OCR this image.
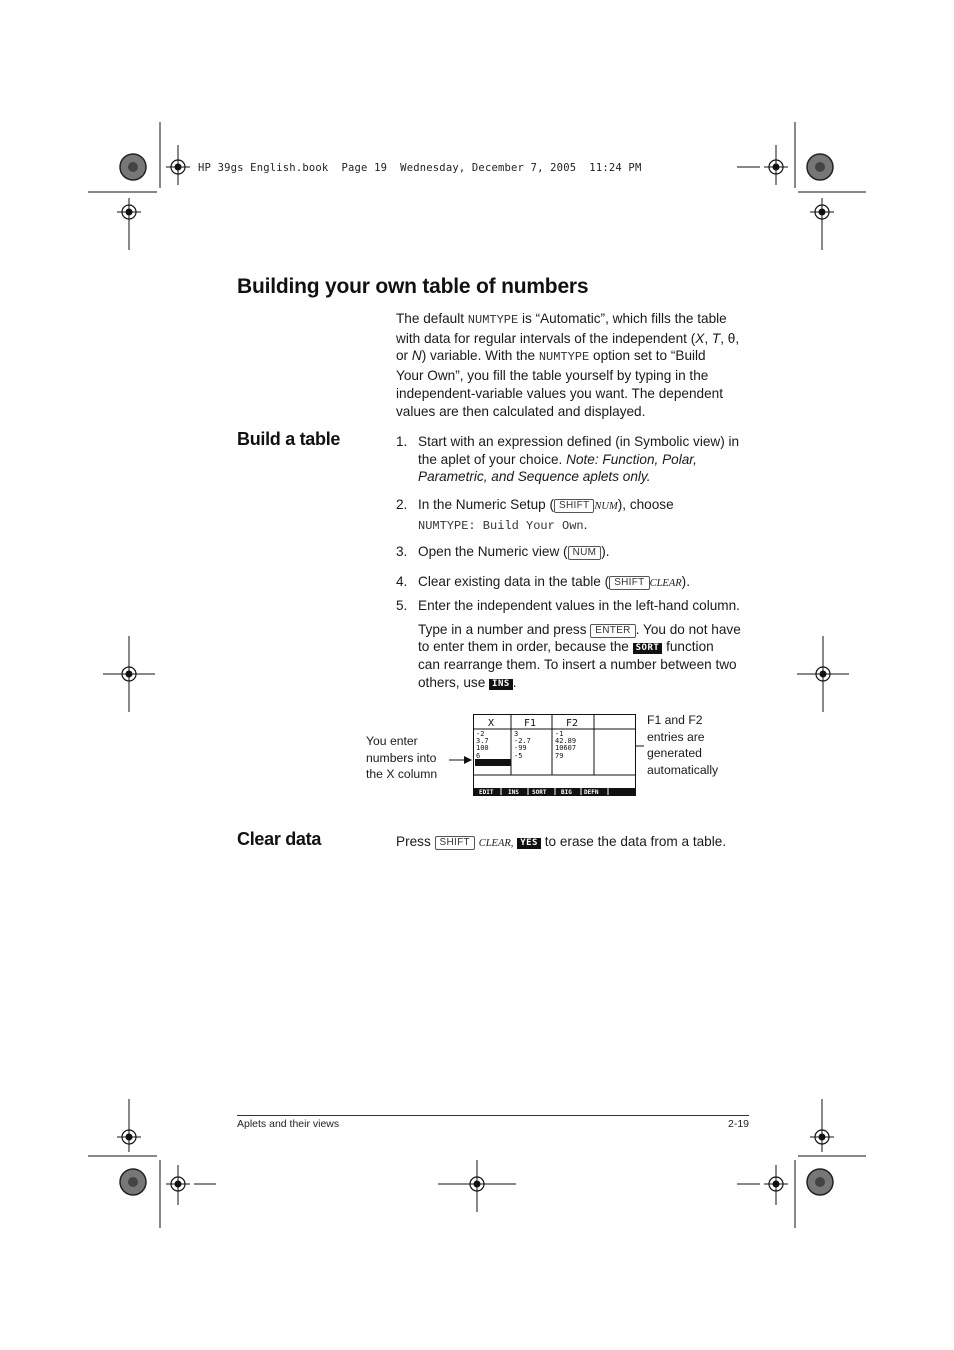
HP 39gs English.book  Page 19  Wednesday, December 7, 2005  11:24 PM
Building your own table of numbers
The default NUMTYPE is “Automatic”, which fills the table
with data for regular intervals of the independent (X, T, θ,
or N) variable. With the NUMTYPE option set to “Build
Your Own”, you fill the table yourself by typing in the
independent-variable values you want. The dependent
values are then calculated and displayed.
Build a table	1. Start with an expression defined (in Symbolic view) in
the aplet of your choice. Note: Function, Polar,
Parametric, and Sequence aplets only.
2. In the Numeric Setup ( SHIFT NUM), choose
NUMTYPE: Build Your Own.
3. Open the Numeric view ( NUM ).
4. Clear existing data in the table ( SHIFT CLEAR).
5. Enter the independent values in the left-hand column.
Type in a number and press ENTER . You do not have
to enter them in order, because the SORT function
can rearrange them. To insert a number between two
others, use INS .
You enter
numbers into
the X column
F1 and F2
entries are
generated
automatically
X	F1	F2
-2	3	-1
3.7	-2.7	42.89
100	-99	10607
6	-5	79
EDIT INS SORT BIG DEFN
Clear data	Press SHIFT CLEAR, YES to erase the data from a table.
Aplets and their views	2-19
